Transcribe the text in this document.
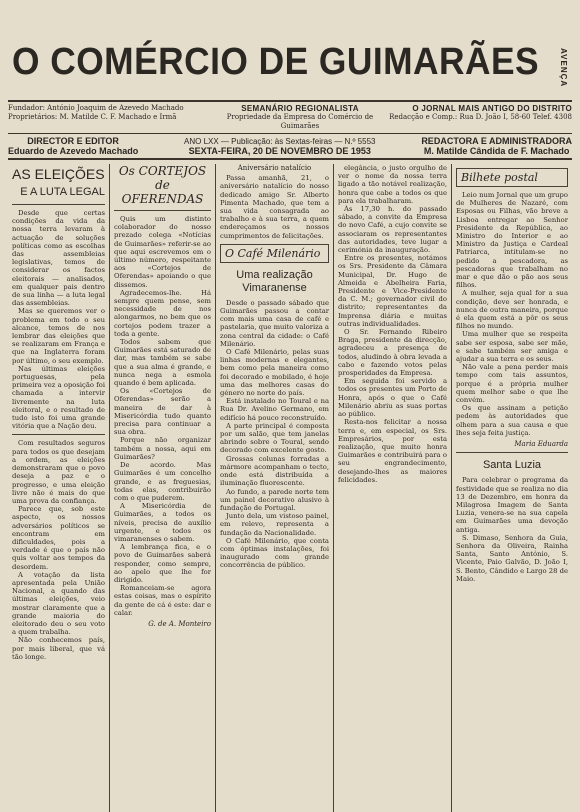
O COMÉRCIO DE GUIMARÃES AVENÇA
Fundador: António Joaquim de Azevedo Machado
Proprietários: M. Matilde C. F. Machado e Irmã
SEMANÁRIO REGIONALISTA
Propriedade da Empresa do Comércio de Guimarães
O JORNAL MAIS ANTIGO DO DISTRITO
Redacção e Comp.: Rua D. João I, 58-60 Telef. 4308
DIRECTOR E EDITOR
Eduardo de Azevedo Machado
ANO LXX — Publicação: às Sextas-feiras — N.º 5553
SEXTA-FEIRA, 20 DE NOVEMBRO DE 1953
REDACTORA E ADMINISTRADORA
M. Matilde Cândida de F. Machado
AS ELEIÇÕES
E A LUTA LEGAL

Desde que certas condições da vida da nossa terra levaram à actuação de soluções políticas como as escolhas das assembleias legislativas, temos de considerar os factos eleitorais — analisados, em qualquer pais dentro de sua linha — a luta legal das assembleias.

Mas se queremos ver o problema em todo o seu alcance, temos de nos lembrar das eleições que se realizaram em França e que na Inglaterra foram por último, o seu exemplo.

Nas últimas eleições portuguesas, pela primeira vez a oposição foi chamada a intervir livremente na luta eleitoral, e o resultado de tudo isto foi uma grande vitória que a Nação deu.

Com resultados seguros para todos os que desejam a ordem, as eleições demonstraram que o povo deseja a paz e o progresso, e uma eleição livre não é mais do que uma prova da confiança.

Parece que, sob este aspecto, os nossos adversários políticos se encontram em dificuldades, pois a verdade é que o país não quis voltar aos tempos da desordem.

A votação da lista apresentada pela União Nacional, a quando das últimas eleições, veio mostrar claramente que a grande maioria do eleitorado deu o seu voto a quem trabalha.

Não conhecemos país, por mais liberal, que vá tão longe.

Os CORTEJOS de OFERENDAS

Quis um distinto colaborador do nosso prezado colega «Notícias de Guimarães» referir-se ao que aqui escrevemos em o último número, respeitante aos «Cortejos de Oferendas» apoiando o que dissemos.

Agradecemos-lhe. Há sempre quem pense, sem necessidade de nos alongarmos, no bem que os cortejos podem trazer a toda a gente.

Todos sabem que Guimarães está saturado de dar, mas também se sabe que a sua alma é grande, e nunca nega a esmola quando é bem aplicada.

Os «Cortejos de Oferendas» serão a maneira de dar à Misericórdia tudo quanto precisa para continuar a sua obra.

Porque não organizar também a nossa, aqui em Guimarães?

De acordo. Mas Guimarães é um concelho grande, e as freguesias, todas elas, contribuirão com o que puderem.

A Misericórdia de Guimarães, a todos os níveis, precisa de auxílio urgente, e todos os vimaranenses o sabem.

A lembrança fica, e o povo de Guimarães saberá responder, como sempre, ao apelo que lhe for dirigido.

Romanceiam-se agora estas coisas, mas o espírito da gente de cá é este: dar e calar.

G. de A. Monteiro
Aniversário natalício

Passa amanhã, 21, o aniversário natalício do nosso dedicado amigo Sr. Alberto Pimenta Machado, que tem a sua vida consagrada ao trabalho e à sua terra, a quem endereçamos os nossos cumprimentos de felicitações.

O Café Milenário
Uma realização Vimaranense

Desde o passado sábado que Guimarães passou a contar com mais uma casa de café e pastelaria, que muito valoriza a zona central da cidade: o Café Milenário.

O Café Milenário, pelas suas linhas modernas e elegantes, bem como pela maneira como foi decorado e mobilado, é hoje uma das melhores casas do género no norte do país.

Está instalado no Toural e na Rua Dr. Avelino Germano, em edifício há pouco reconstruído.

A parte principal é composta por um salão, que tem janelas abrindo sobre o Toural, sendo decorado com excelente gosto.

Grossas colunas forradas a mármore acompanham o tecto, onde está distribuída a iluminação fluorescente.

Ao fundo, a parede norte tem um painel decorativo alusivo à fundação de Portugal.

Junto dela, um vistoso painel, em relevo, representa a fundação da Nacionalidade.

O Café Milenário, que conta com óptimas instalações, foi inaugurado com grande concorrência de público.

elegância, o justo orgulho de ver o nome da nossa terra ligado a tão notável realização, honra que cabe a todos os que para ela trabalharam.

Às 17,30 h. do passado sábado, a convite da Empresa do novo Café, a cujo convite se associaram os representantes das autoridades, teve lugar a cerimónia da inauguração.

Entre os presentes, notámos os Srs. Presidente da Câmara Municipal, Dr. Hugo de Almeida e Abelheira Faria, Presidente e Vice-Presidente da C. M.; governador civil do distrito; representantes da Imprensa diária e muitas outras individualidades.

O Sr. Fernando Ribeiro Braga, presidente da direcção, agradeceu a presença de todos, aludindo à obra levada a cabo e fazendo votos pelas prosperidades da Empresa.

Em seguida foi servido a todos os presentes um Porto de Honra, após o que o Café Milenário abriu as suas portas ao público.

Resta-nos felicitar a nossa terra e, em especial, os Srs. Empresários, por esta realização, que muito honra Guimarães e contribuirá para o seu engrandecimento, desejando-lhes as maiores felicidades.

Bilhete postal

Leio num Jornal que um grupo de Mulheres de Nazaré, com Esposas ou Filhas, vão breve a Lisboa entregar ao Senhor Presidente da República, ao Ministro do Interior e ao Ministro da Justiça e Cardeal Patriarca, intitulam-se no pedido a pescadora, as pescadoras que trabalham no mar e que dão o pão aos seus filhos.

A mulher, seja qual for a sua condição, deve ser honrada, e nunca de outra maneira, porque é ela quem está a pôr os seus filhos no mundo.

Uma mulher que se respeita sabe ser esposa, sabe ser mãe, e sabe também ser amiga e ajudar a sua terra e os seus.

Não vale a pena perder mais tempo com tais assuntos, porque é a própria mulher quem melhor sabe o que lhe convém.

Os que assinam a petição pedem às autoridades que olhem para a sua causa e que lhes seja feita justiça.

Maria Eduarda
Santa Luzia

Para celebrar o programa da festividade que se realiza no dia 13 de Dezembro, em honra da Milagrosa Imagem de Santa Luzia, venera-se na sua capela em Guimarães uma devoção antiga.

S. Dimaso, Senhora da Guia, Senhora da Oliveira, Rainha Santa, Santo António, S. Vicente, Paio Galvão, D. João I, S. Bento, Cândido e Largo 28 de Maio.
